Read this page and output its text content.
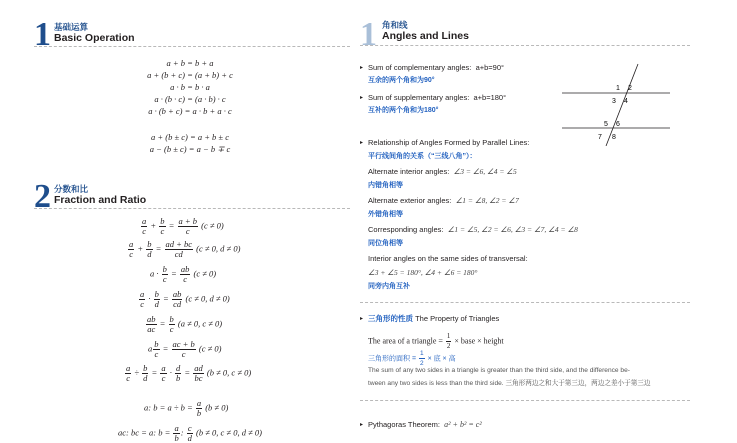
1 基础运算
Basic Operation
a + b = b + a
a + (b + c) = (a + b) + c
a · b = b · a
a · (b · c) = (a · b) · c
a · (b + c) = a · b + a · c
a + (b ± c) = a + b ± c
a − (b ± c) = a − b ∓ c
2 分数和比
Fraction and Ratio
$\frac{a}{c} + \frac{b}{c} = \frac{a + b}{c} (c \ne 0)$
$\frac{a}{c} + \frac{b}{d} = \frac{ad + bc}{cd} (c \ne 0$, d ≠ 0)
$a \cdot \frac{b}{c} = \frac{ab}{c} (c \ne 0)$
$\frac{a}{c} \cdot \frac{b}{d} = \frac{ab}{cd} (c \ne 0$, d ≠ 0)
$\frac{ab}{ac} = \frac{b}{c} (a \ne 0$, c ≠ 0)
a $\frac{b}{c} = \frac{ac + b}{c} (c \ne 0)$
$\frac{a}{c} \div \frac{b}{d} = \frac{a}{c} \cdot \frac{d}{b} = \frac{ad}{bc} (b \ne 0$, c ≠ 0)
a: $b = a \div b = \frac{a}{b} (b \ne 0)$
ac: bc = a: $b = \frac{a}{b}$ : $\frac{c}{d} (b \ne 0$, c ≠ 0, d ≠ 0)
1 角和线
Angles and Lines
▸ Sum of complementary angles: a+b=90°
互余的两个角和为90°
▸ Sum of supplementary angles: a+b=180°
互补的两个角和为180°
1 2
3 4
5 6
7 8
▸ Relationship of Angles Formed by Parallel Lines:
平行线间角的关系（“三线八角”）：
Alternate interior angles: ∠3 = ∠6, ∠4 = ∠5
内错角相等
Alternate exterior angles: ∠1 = ∠8, ∠2 = ∠7
外错角相等
Corresponding angles: ∠1 = ∠5, ∠2 = ∠6, ∠3 = ∠7, ∠4 = ∠8
同位角相等
Interior angles on the same sides of transversal:
∠3 + ∠5 = 180°, ∠4 + ∠6 = 180°
同旁内角互补
▸ 三角形的性质 The Property of Triangles
The area of a triangle = $\frac{1}{2}$ × base × height
三角形的面积 = $\frac{1}{2}$ × 底 × 高
The sum of any two sides in a triangle is greater than the third side, and the difference be-
tween any two sides is less than the third side. 三角形两边之和大于第三边，两边之差小于第三边
▸ Pythagoras Theorem: a² + b² = c²
